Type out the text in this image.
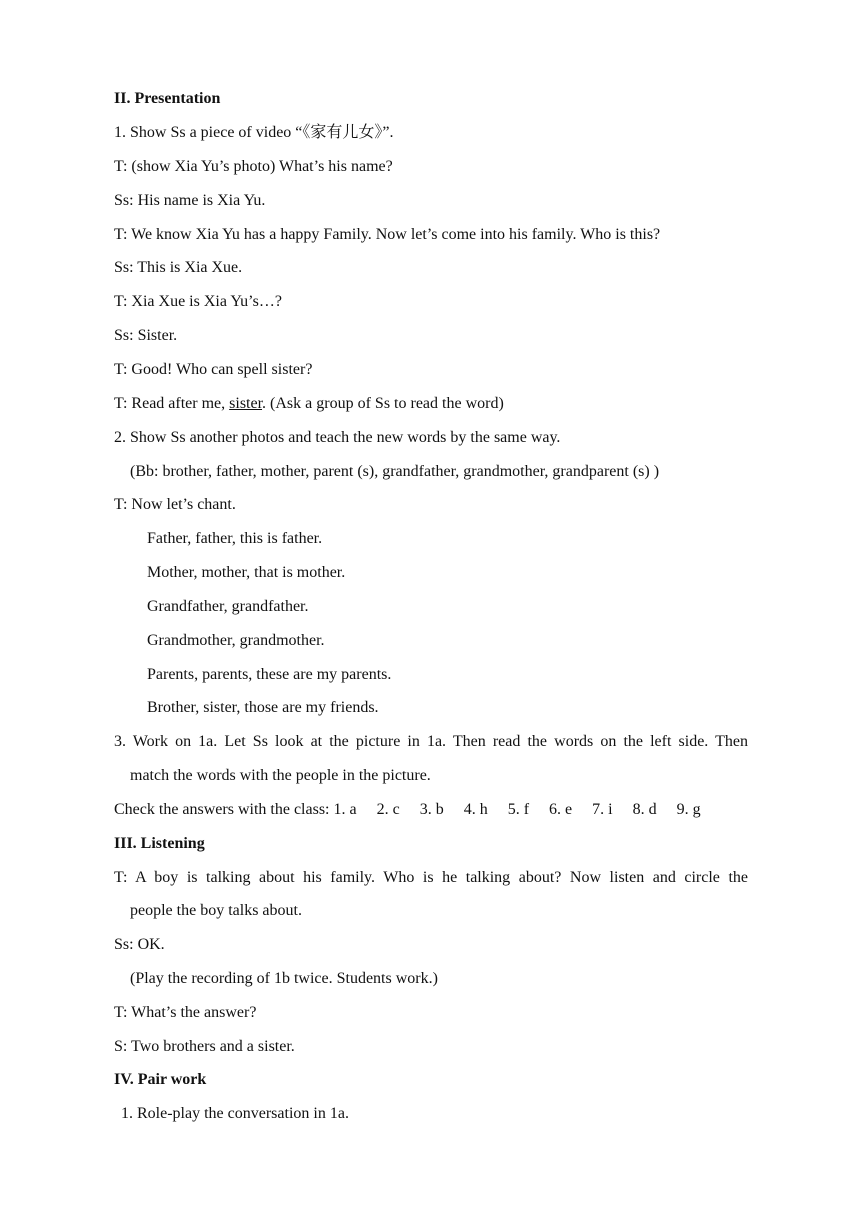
II. Presentation
1. Show Ss a piece of video “《家有儿女》”.
T: (show Xia Yu’s photo) What’s his name?
Ss: His name is Xia Yu.
T: We know Xia Yu has a happy Family. Now let’s come into his family. Who is this?
Ss: This is Xia Xue.
T: Xia Xue is Xia Yu’s…?
Ss: Sister.
T: Good! Who can spell sister?
T: Read after me, sister. (Ask a group of Ss to read the word)
2. Show Ss another photos and teach the new words by the same way.
(Bb: brother, father, mother, parent (s), grandfather, grandmother, grandparent (s) )
T: Now let’s chant.
Father, father, this is father.
Mother, mother, that is mother.
Grandfather, grandfather.
Grandmother, grandmother.
Parents, parents, these are my parents.
Brother, sister, those are my friends.
3. Work on 1a. Let Ss look at the picture in 1a. Then read the words on the left side. Then
match the words with the people in the picture.
Check the answers with the class: 1. a  2. c  3. b  4. h  5. f  6. e  7. i  8. d  9. g
III. Listening
T: A boy is talking about his family. Who is he talking about? Now listen and circle the
people the boy talks about.
Ss: OK.
(Play the recording of 1b twice. Students work.)
T: What’s the answer?
S: Two brothers and a sister.
IV. Pair work
1. Role-play the conversation in 1a.
